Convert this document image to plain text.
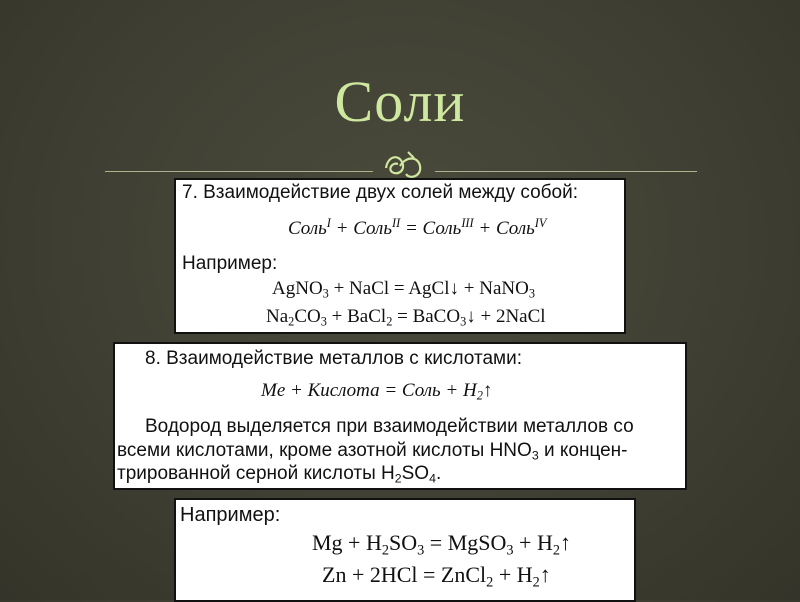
Соли
7. Взаимодействие двух солей между собой:
Соль$^I$ + Соль$^{II}$ = Соль$^{III}$ + Соль$^{IV}$
Например:
AgNO$_3$ + NaCl = AgCl↓ + NaNO$_3$
$Na_2CO_3$ + BaCl$_2$ = BaCO$_3$↓ + 2NaCl
8. Взаимодействие металлов с кислотами:
Me + Кислота = Соль + $H_2↑$
Водород выделяется при взаимодействии металлов со
всеми кислотами, кроме азотной кислоты $HNO_3$ и концен-
трированной серной кислоты $H_2SO_4$.
Например:
$Mg + H_2SO_3$ = MgSO$_3$ + $H_2↑$
Zn + 2HCl = ZnCl$_2$ + $H_2↑$
